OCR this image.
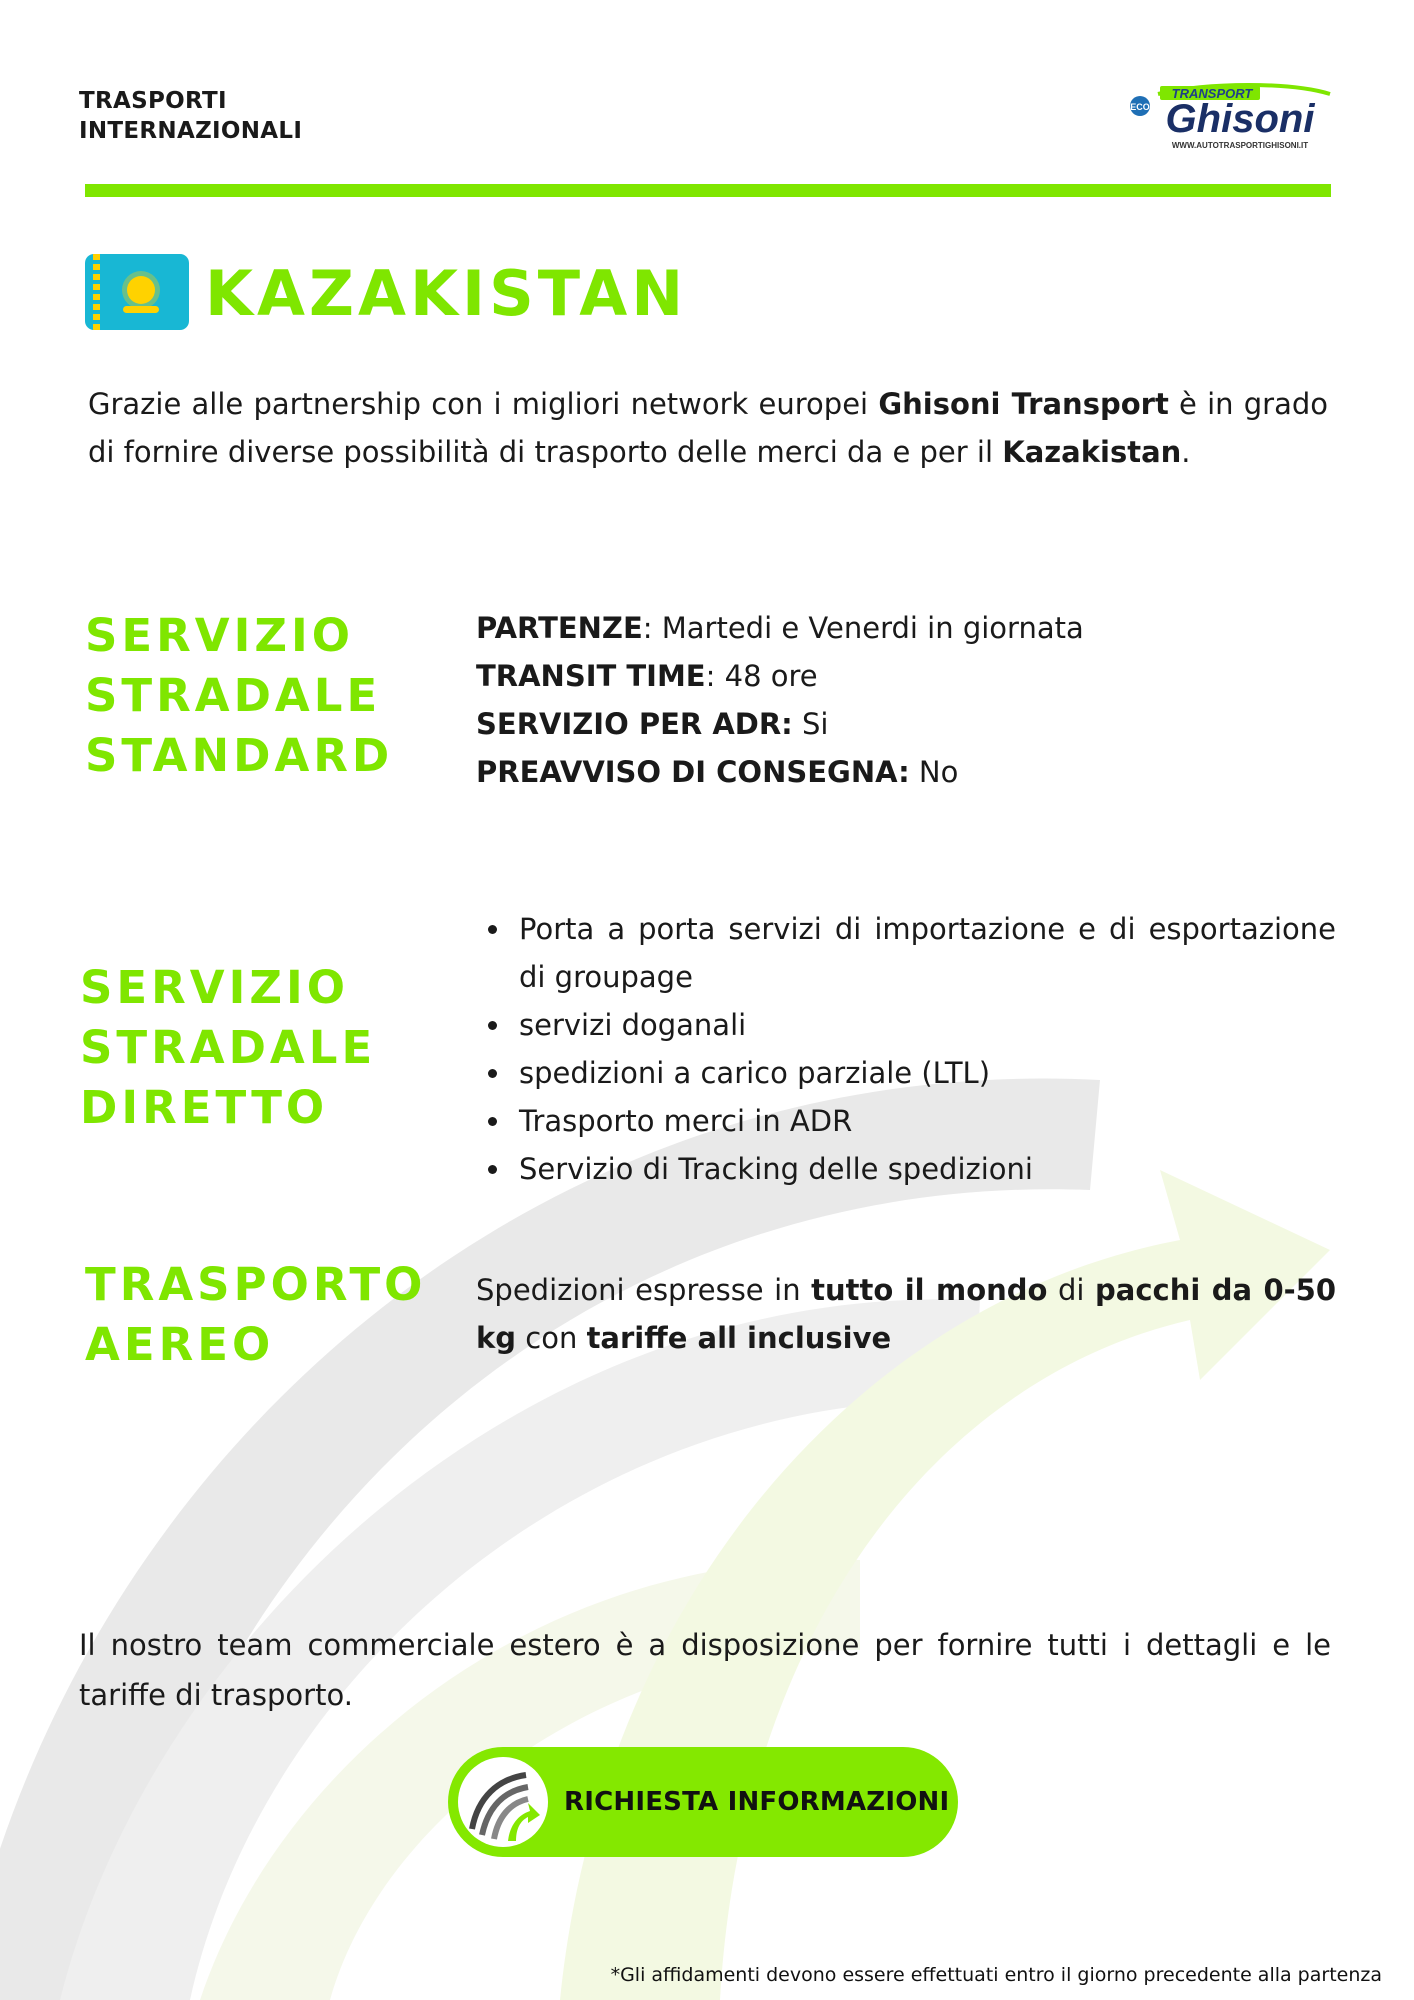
TRASPORTI INTERNAZIONALI
ECO
TRANSPORT
Ghisoni
WWW.AUTOTRASPORTIGHISONI.IT
KAZAKISTAN
Grazie alle partnership con i migliori network europei Ghisoni Transport è in grado di fornire diverse possibilità di trasporto delle merci da e per il Kazakistan.
SERVIZIO
STRADALE
STANDARD
PARTENZE: Martedi e Venerdi in giornata
TRANSIT TIME: 48 ore
SERVIZIO PER ADR: Si
PREAVVISO DI CONSEGNA: No
SERVIZIO
STRADALE
DIRETTO
Porta a porta servizi di importazione e di esportazione di groupage
servizi doganali
spedizioni a carico parziale (LTL)
Trasporto merci in ADR
Servizio di Tracking delle spedizioni
TRASPORTO
AEREO
Spedizioni espresse in tutto il mondo di pacchi da 0-50 kg con tariffe all inclusive
Il nostro team commerciale estero è a disposizione per fornire tutti i dettagli e le tariffe di trasporto.
RICHIESTA INFORMAZIONI
*Gli affidamenti devono essere effettuati entro il giorno precedente alla partenza
